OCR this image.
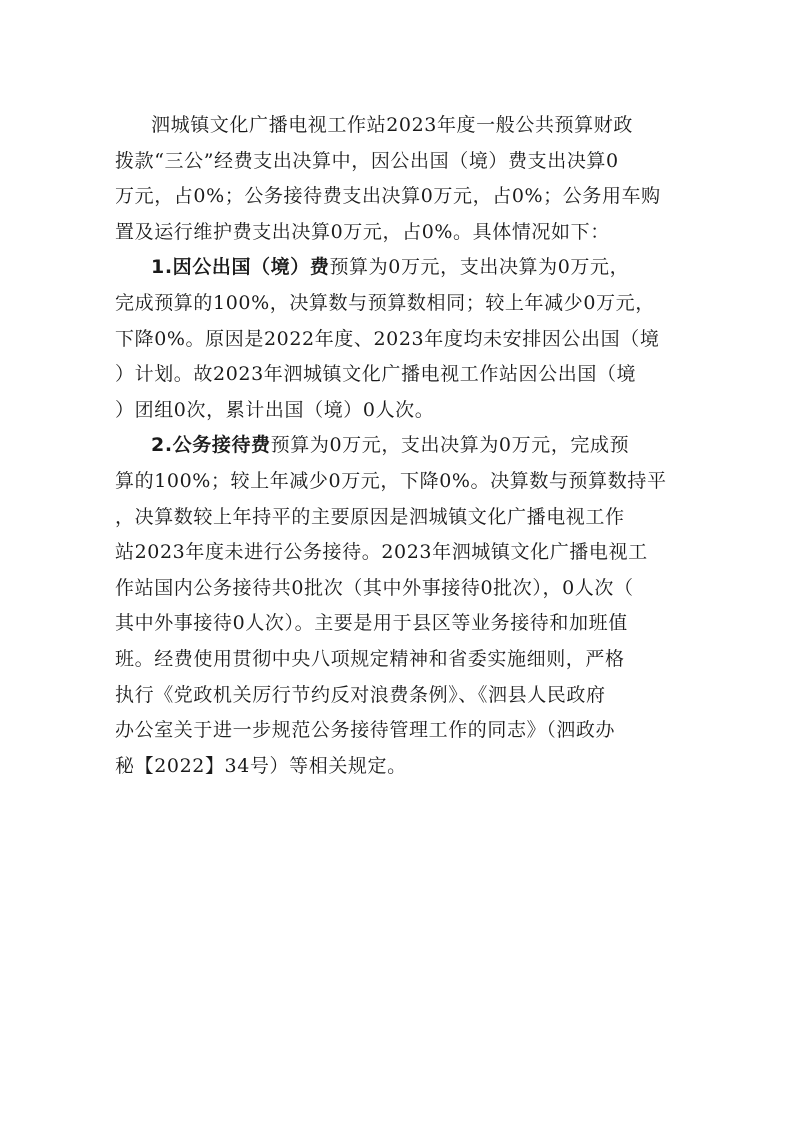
泗城镇文化广播电视工作站2023年度一般公共预算财政
拨款“三公”经费支出决算中，因公出国（境）费支出决算0
万元，占0%；公务接待费支出决算0万元，占0%；公务用车购
置及运行维护费支出决算0万元，占0%。具体情况如下：
1.因公出国（境）费预算为0万元，支出决算为0万元，
完成预算的100%，决算数与预算数相同；较上年减少0万元，
下降0%。原因是2022年度、2023年度均未安排因公出国（境
）计划。故2023年泗城镇文化广播电视工作站因公出国（境
）团组0次，累计出国（境）0人次。
2.公务接待费预算为0万元，支出决算为0万元，完成预
算的100%；较上年减少0万元，下降0%。决算数与预算数持平
，决算数较上年持平的主要原因是泗城镇文化广播电视工作
站2023年度未进行公务接待。2023年泗城镇文化广播电视工
作站国内公务接待共0批次（其中外事接待0批次），0人次（
其中外事接待0人次）。主要是用于县区等业务接待和加班值
班。经费使用贯彻中央八项规定精神和省委实施细则，严格
执行《党政机关厉行节约反对浪费条例》、《泗县人民政府
办公室关于进一步规范公务接待管理工作的同志》（泗政办
秘【2022】34号）等相关规定。
